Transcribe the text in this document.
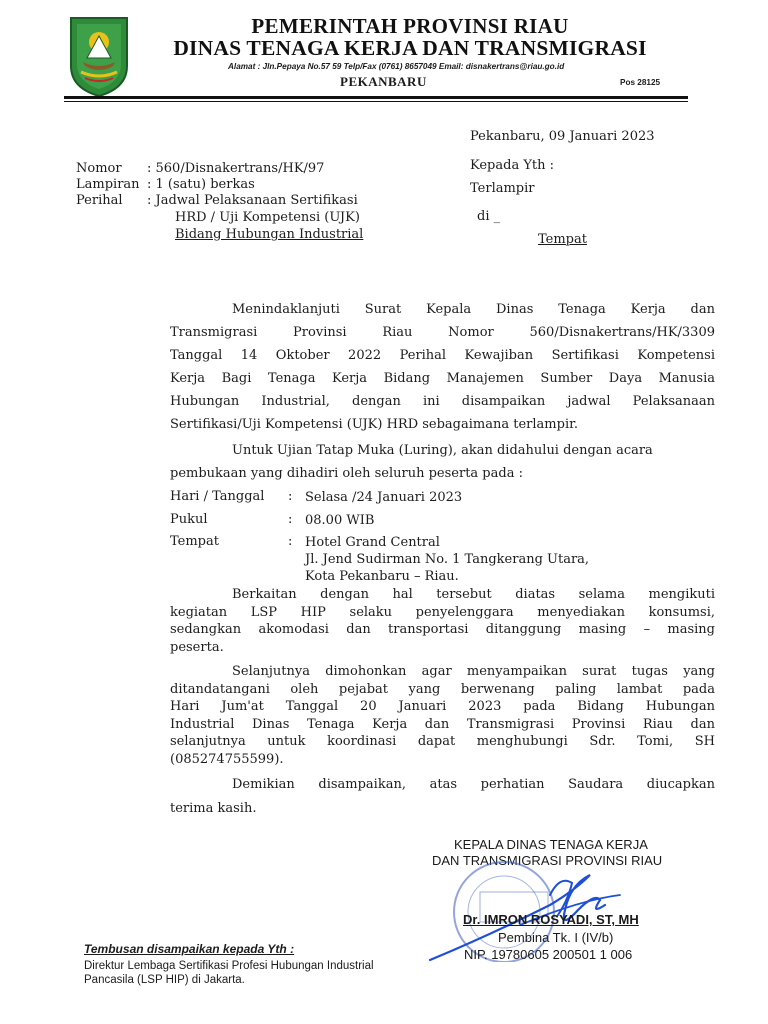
PEMERINTAH PROVINSI RIAU
DINAS TENAGA KERJA DAN TRANSMIGRASI
Alamat : Jln.Pepaya No.57 59 Telp/Fax (0761) 8657049 Email: disnakertrans@riau.go.id
PEKANBARU	Pos 28125
Pekanbaru, 09 Januari 2023
Kepada Yth :
Terlampir
di _
Tempat
Nomor : 560/Disnakertrans/HK/97
Lampiran : 1 (satu) berkas
Perihal : Jadwal Pelaksanaan Sertifikasi
HRD / Uji Kompetensi (UJK)
Bidang Hubungan Industrial
Menindaklanjuti Surat Kepala Dinas Tenaga Kerja dan
Transmigrasi Provinsi Riau Nomor 560/Disnakertrans/HK/3309
Tanggal 14 Oktober 2022 Perihal Kewajiban Sertifikasi Kompetensi
Kerja Bagi Tenaga Kerja Bidang Manajemen Sumber Daya Manusia
Hubungan Industrial, dengan ini disampaikan jadwal Pelaksanaan
Sertifikasi/Uji Kompetensi (UJK) HRD sebagaimana terlampir.
Untuk Ujian Tatap Muka (Luring), akan didahului dengan acara
pembukaan yang dihadiri oleh seluruh peserta pada :
Hari / Tanggal : Selasa /24 Januari 2023
Pukul	: 08.00 WIB
Tempat	: Hotel Grand Central
Jl. Jend Sudirman No. 1 Tangkerang Utara,
Kota Pekanbaru – Riau.
Berkaitan dengan hal tersebut diatas selama mengikuti
kegiatan LSP HIP selaku penyelenggara menyediakan konsumsi,
sedangkan akomodasi dan transportasi ditanggung masing – masing
peserta.
Selanjutnya dimohonkan agar menyampaikan surat tugas yang
ditandatangani oleh pejabat yang berwenang paling lambat pada
Hari Jum'at Tanggal 20 Januari 2023 pada Bidang Hubungan
Industrial Dinas Tenaga Kerja dan Transmigrasi Provinsi Riau dan
selanjutnya untuk koordinasi dapat menghubungi Sdr. Tomi, SH
(085274755599).
Demikian disampaikan, atas perhatian Saudara diucapkan
terima kasih.
KEPALA DINAS TENAGA KERJA
DAN TRANSMIGRASI PROVINSI RIAU
Dr. IMRON ROSYADI, ST, MH
Pembina Tk. I (IV/b)
NIP. 19780605 200501 1 006
Tembusan disampaikan kepada Yth :
Direktur Lembaga Sertifikasi Profesi Hubungan Industrial
Pancasila (LSP HIP) di Jakarta.
